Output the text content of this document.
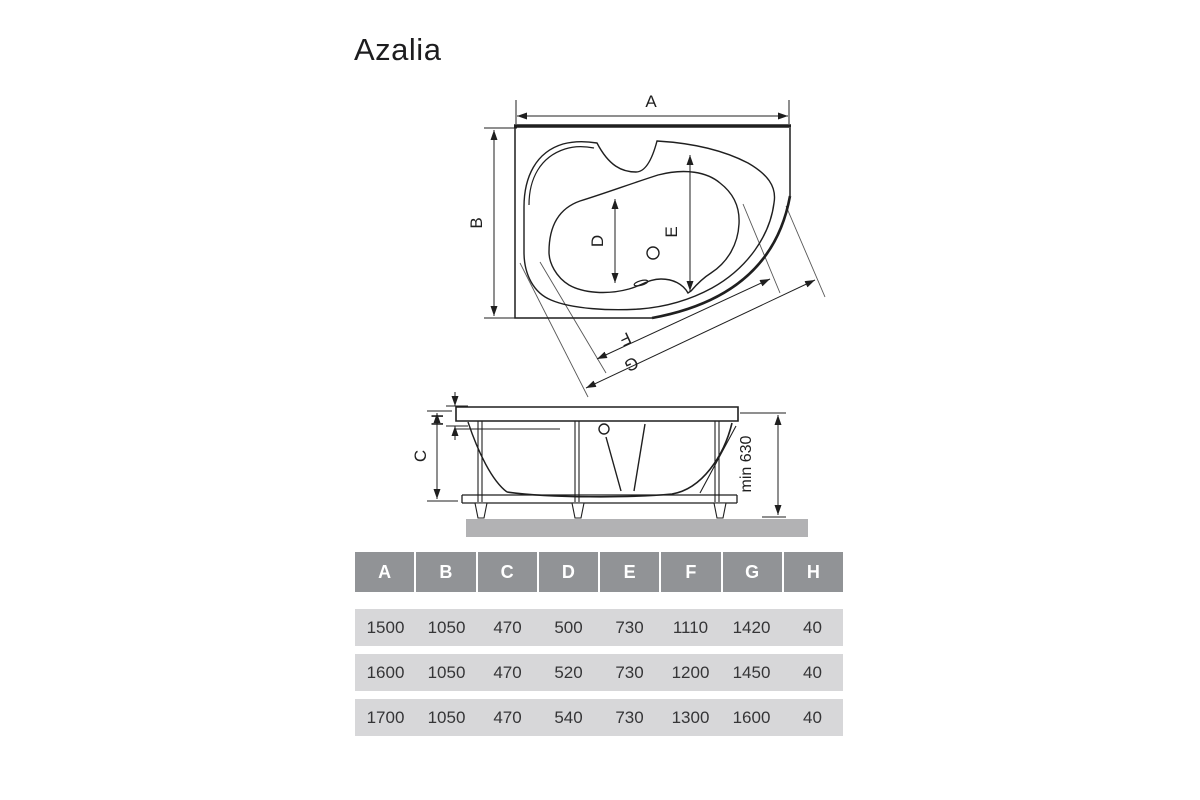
Azalia
A
B
D
E
F
G
C
H
min 630
A	B	C	D	E	F	G	H
1500	1050	470	500	730	1110	1420	40
1600	1050	470	520	730	1200	1450	40
1700	1050	470	540	730	1300	1600	40
